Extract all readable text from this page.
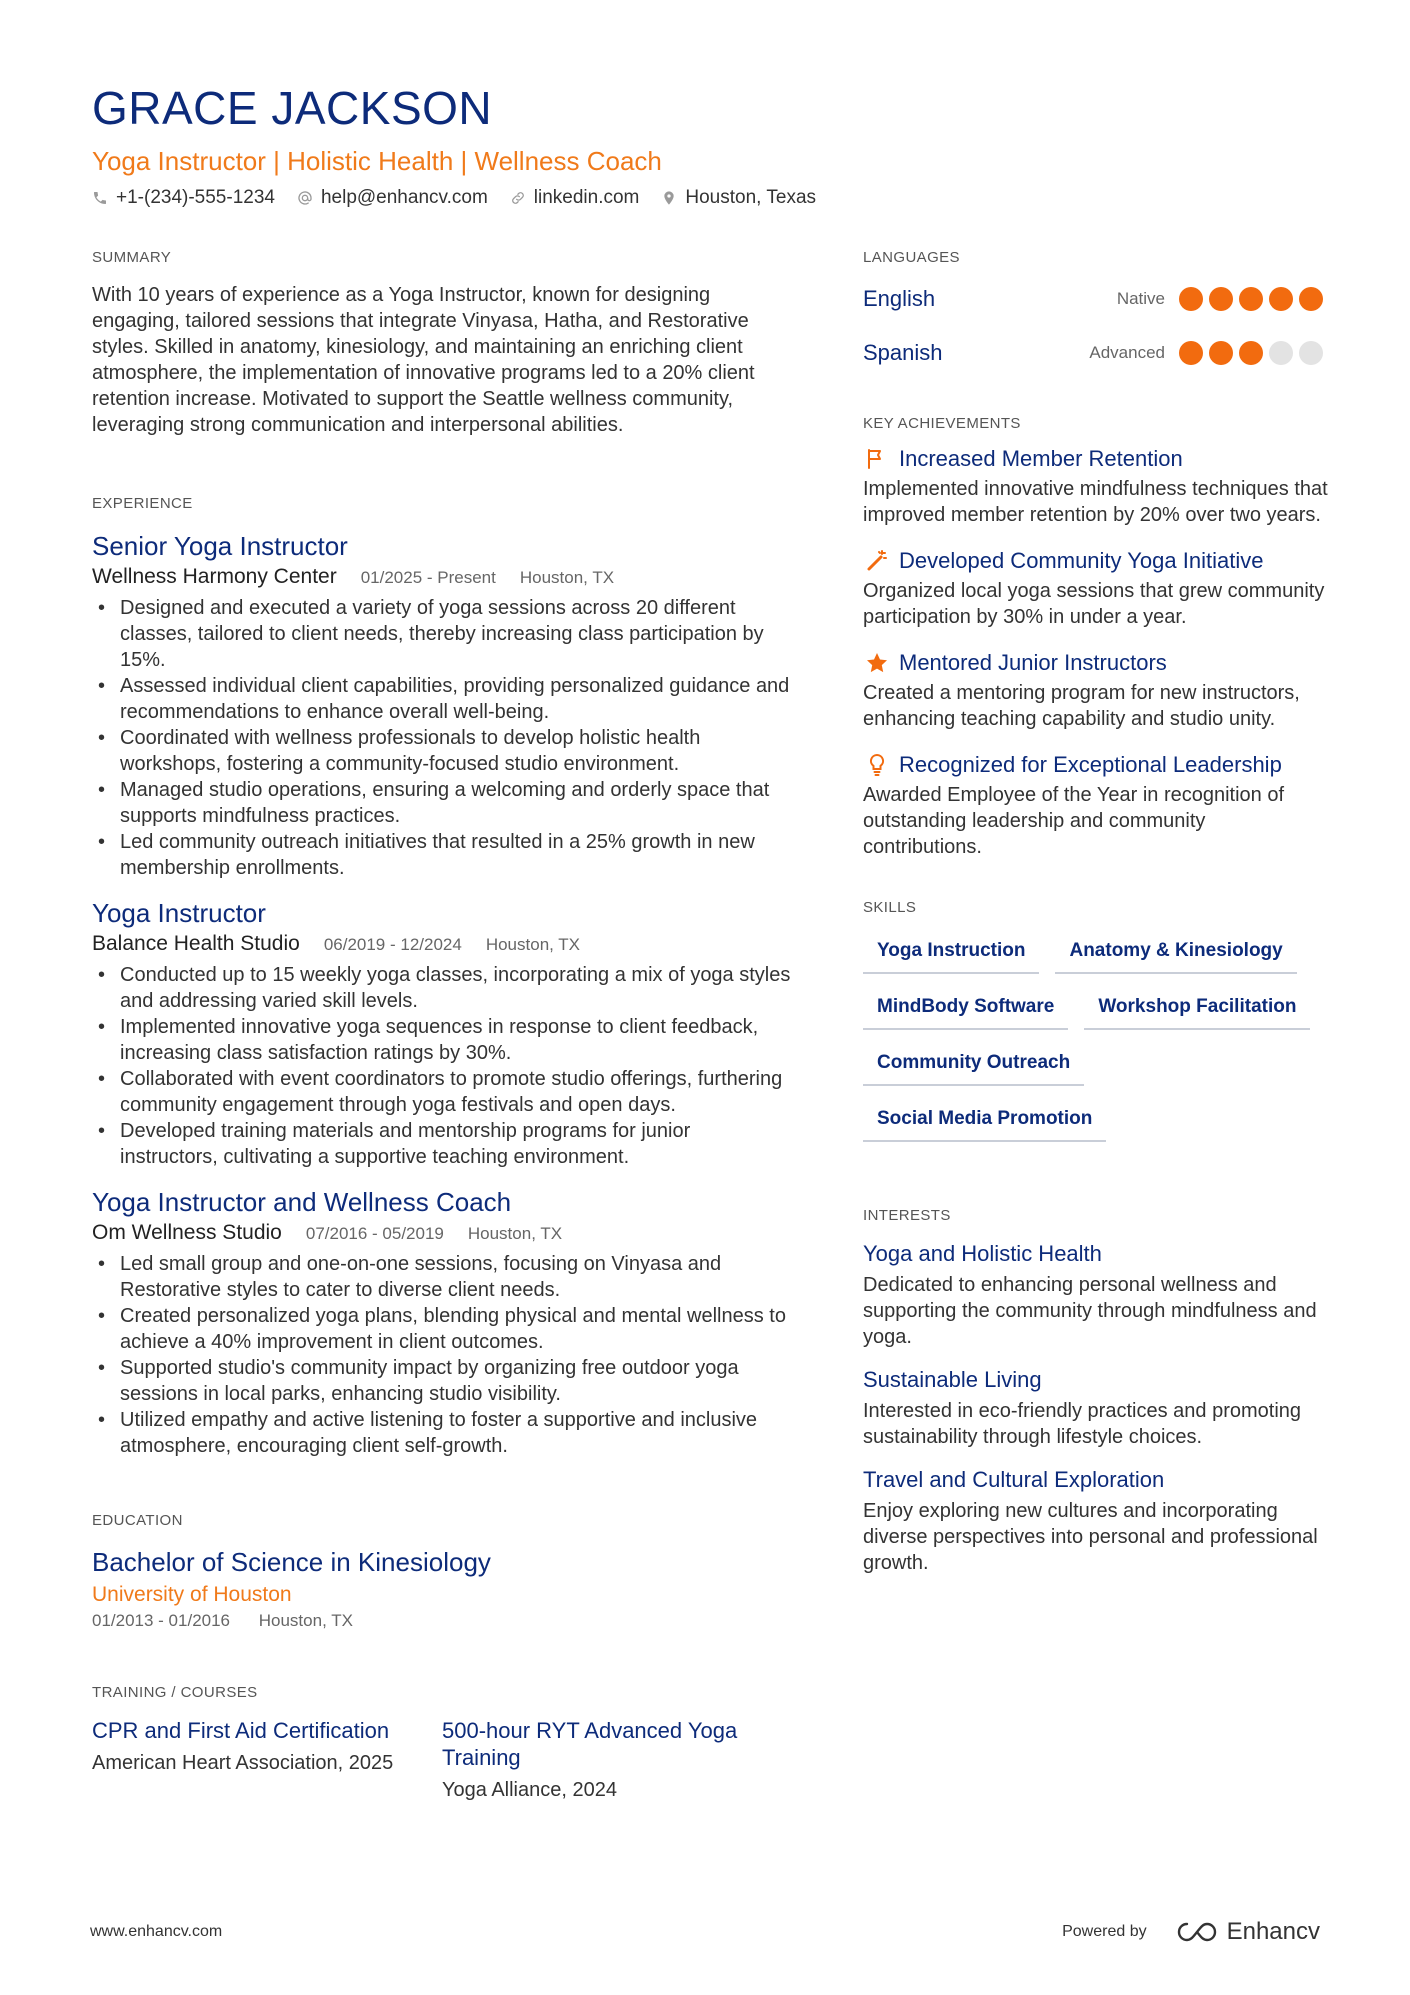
GRACE JACKSON
Yoga Instructor | Holistic Health | Wellness Coach
+1-(234)-555-1234 help@enhancv.com linkedin.com Houston, Texas
SUMMARY
With 10 years of experience as a Yoga Instructor, known for designing engaging, tailored sessions that integrate Vinyasa, Hatha, and Restorative styles. Skilled in anatomy, kinesiology, and maintaining an enriching client atmosphere, the implementation of innovative programs led to a 20% client retention increase. Motivated to support the Seattle wellness community, leveraging strong communication and interpersonal abilities.
EXPERIENCE
Senior Yoga Instructor
Wellness Harmony Center 01/2025 - Present Houston, TX
• Designed and executed a variety of yoga sessions across 20 different classes, tailored to client needs, thereby increasing class participation by 15%.
• Assessed individual client capabilities, providing personalized guidance and recommendations to enhance overall well-being.
• Coordinated with wellness professionals to develop holistic health workshops, fostering a community-focused studio environment.
• Managed studio operations, ensuring a welcoming and orderly space that supports mindfulness practices.
• Led community outreach initiatives that resulted in a 25% growth in new membership enrollments.
Yoga Instructor
Balance Health Studio 06/2019 - 12/2024 Houston, TX
• Conducted up to 15 weekly yoga classes, incorporating a mix of yoga styles and addressing varied skill levels.
• Implemented innovative yoga sequences in response to client feedback, increasing class satisfaction ratings by 30%.
• Collaborated with event coordinators to promote studio offerings, furthering community engagement through yoga festivals and open days.
• Developed training materials and mentorship programs for junior instructors, cultivating a supportive teaching environment.
Yoga Instructor and Wellness Coach
Om Wellness Studio 07/2016 - 05/2019 Houston, TX
• Led small group and one-on-one sessions, focusing on Vinyasa and Restorative styles to cater to diverse client needs.
• Created personalized yoga plans, blending physical and mental wellness to achieve a 40% improvement in client outcomes.
• Supported studio's community impact by organizing free outdoor yoga sessions in local parks, enhancing studio visibility.
• Utilized empathy and active listening to foster a supportive and inclusive atmosphere, encouraging client self-growth.
EDUCATION
Bachelor of Science in Kinesiology
University of Houston
01/2013 - 01/2016 Houston, TX
TRAINING / COURSES
CPR and First Aid Certification
American Heart Association, 2025
500-hour RYT Advanced Yoga Training
Yoga Alliance, 2024
LANGUAGES
English	Native
Spanish	Advanced
KEY ACHIEVEMENTS
Increased Member Retention
Implemented innovative mindfulness techniques that improved member retention by 20% over two years.
Developed Community Yoga Initiative
Organized local yoga sessions that grew community participation by 30% in under a year.
Mentored Junior Instructors
Created a mentoring program for new instructors, enhancing teaching capability and studio unity.
Recognized for Exceptional Leadership
Awarded Employee of the Year in recognition of outstanding leadership and community contributions.
SKILLS
Yoga Instruction	Anatomy & Kinesiology
MindBody Software	Workshop Facilitation
Community Outreach
Social Media Promotion
INTERESTS
Yoga and Holistic Health
Dedicated to enhancing personal wellness and supporting the community through mindfulness and yoga.
Sustainable Living
Interested in eco-friendly practices and promoting sustainability through lifestyle choices.
Travel and Cultural Exploration
Enjoy exploring new cultures and incorporating diverse perspectives into personal and professional growth.
www.enhancv.com	Powered by	Enhancv
